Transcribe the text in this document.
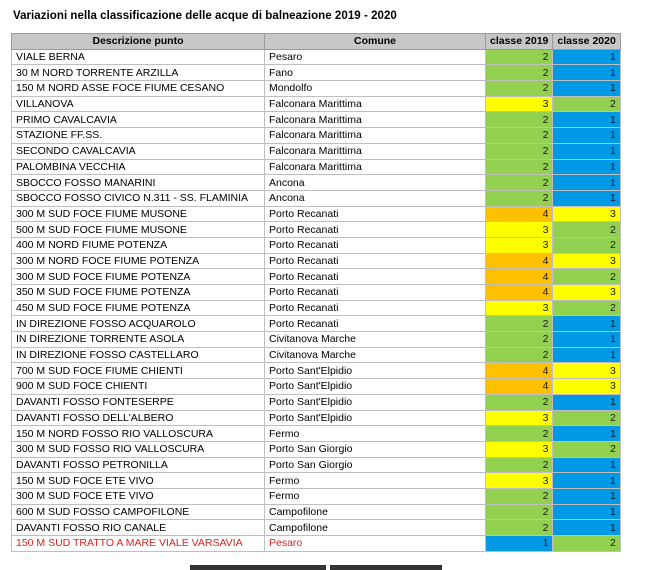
Variazioni nella classificazione delle acque di balneazione 2019 - 2020
Descrizione punto	Comune	classe 2019	classe 2020
VIALE BERNA	Pesaro	2	1
30 M NORD TORRENTE ARZILLA	Fano	2	1
150 M NORD ASSE FOCE FIUME CESANO	Mondolfo	2	1
VILLANOVA	Falconara Marittima	3	2
PRIMO CAVALCAVIA	Falconara Marittima	2	1
STAZIONE FF.SS.	Falconara Marittima	2	1
SECONDO CAVALCAVIA	Falconara Marittima	2	1
PALOMBINA VECCHIA	Falconara Marittima	2	1
SBOCCO FOSSO MANARINI	Ancona	2	1
SBOCCO FOSSO CIVICO N.311 - SS. FLAMINIA	Ancona	2	1
300 M SUD FOCE FIUME MUSONE	Porto Recanati	4	3
500 M SUD FOCE FIUME MUSONE	Porto Recanati	3	2
400 M NORD FIUME POTENZA	Porto Recanati	3	2
300 M NORD FOCE FIUME POTENZA	Porto Recanati	4	3
300 M SUD FOCE FIUME POTENZA	Porto Recanati	4	2
350 M SUD FOCE FIUME POTENZA	Porto Recanati	4	3
450 M SUD FOCE FIUME POTENZA	Porto Recanati	3	2
IN DIREZIONE FOSSO ACQUAROLO	Porto Recanati	2	1
IN DIREZIONE TORRENTE ASOLA	Civitanova Marche	2	1
IN DIREZIONE FOSSO CASTELLARO	Civitanova Marche	2	1
700 M SUD FOCE FIUME CHIENTI	Porto Sant'Elpidio	4	3
900 M SUD FOCE CHIENTI	Porto Sant'Elpidio	4	3
DAVANTI FOSSO FONTESERPE	Porto Sant'Elpidio	2	1
DAVANTI FOSSO DELL'ALBERO	Porto Sant'Elpidio	3	2
150 M NORD FOSSO RIO VALLOSCURA	Fermo	2	1
300 M SUD FOSSO RIO VALLOSCURA	Porto San Giorgio	3	2
DAVANTI FOSSO PETRONILLA	Porto San Giorgio	2	1
150 M SUD FOCE ETE VIVO	Fermo	3	1
300 M SUD FOCE ETE VIVO	Fermo	2	1
600 M SUD FOSSO CAMPOFILONE	Campofilone	2	1
DAVANTI FOSSO RIO CANALE	Campofilone	2	1
150 M SUD TRATTO A MARE VIALE VARSAVIA	Pesaro	1	2
